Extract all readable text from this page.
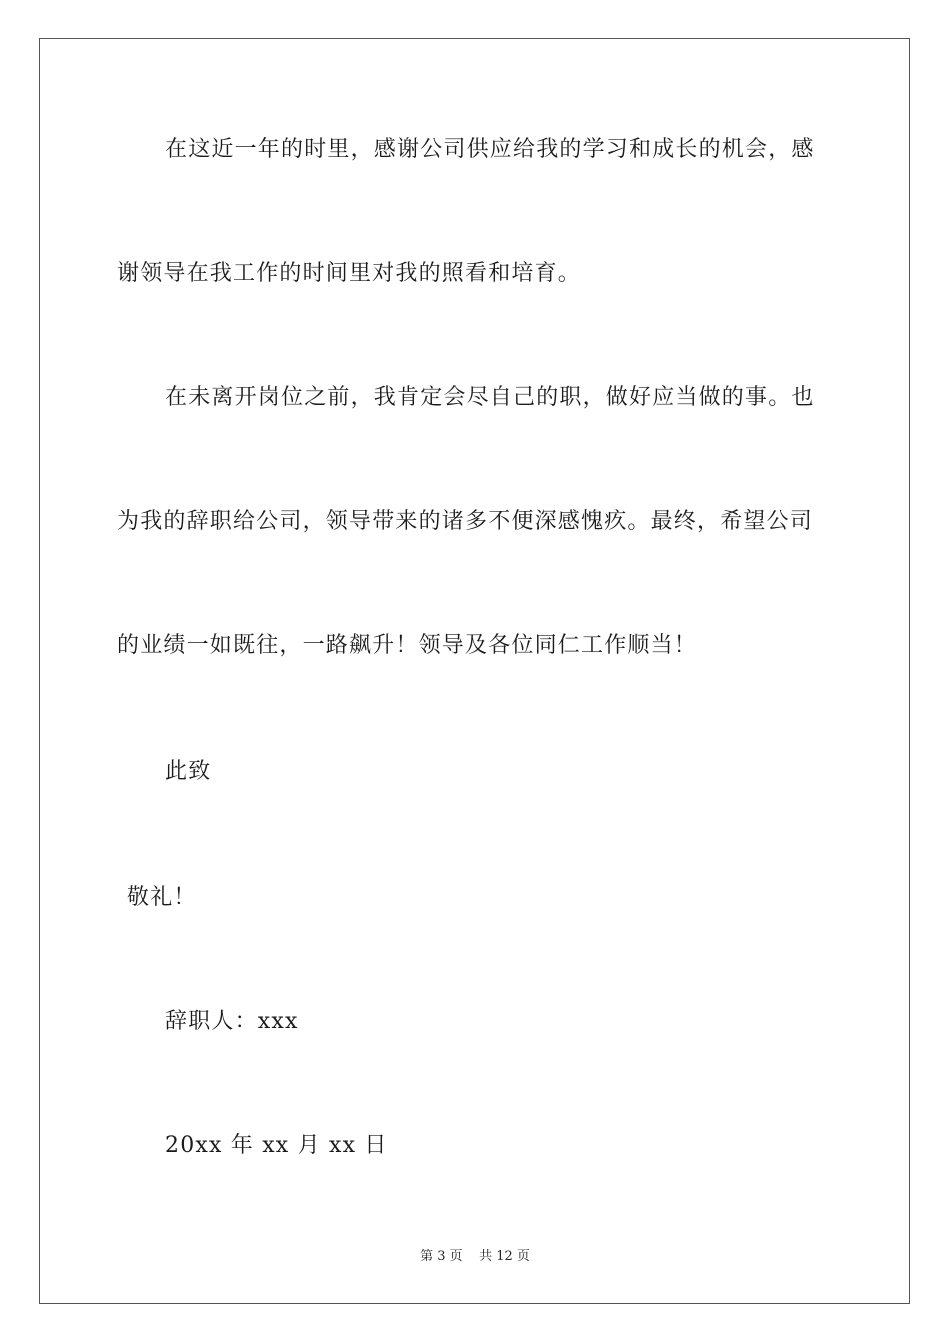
在这近一年的时里，感谢公司供应给我的学习和成长的机会，感
谢领导在我工作的时间里对我的照看和培育。
在未离开岗位之前，我肯定会尽自己的职，做好应当做的事。也
为我的辞职给公司，领导带来的诸多不便深感愧疚。最终，希望公司
的业绩一如既往，一路飙升！领导及各位同仁工作顺当！
此致
敬礼！
辞职人：xxx
20xx 年 xx 月 xx 日
第 3 页    共 12 页
